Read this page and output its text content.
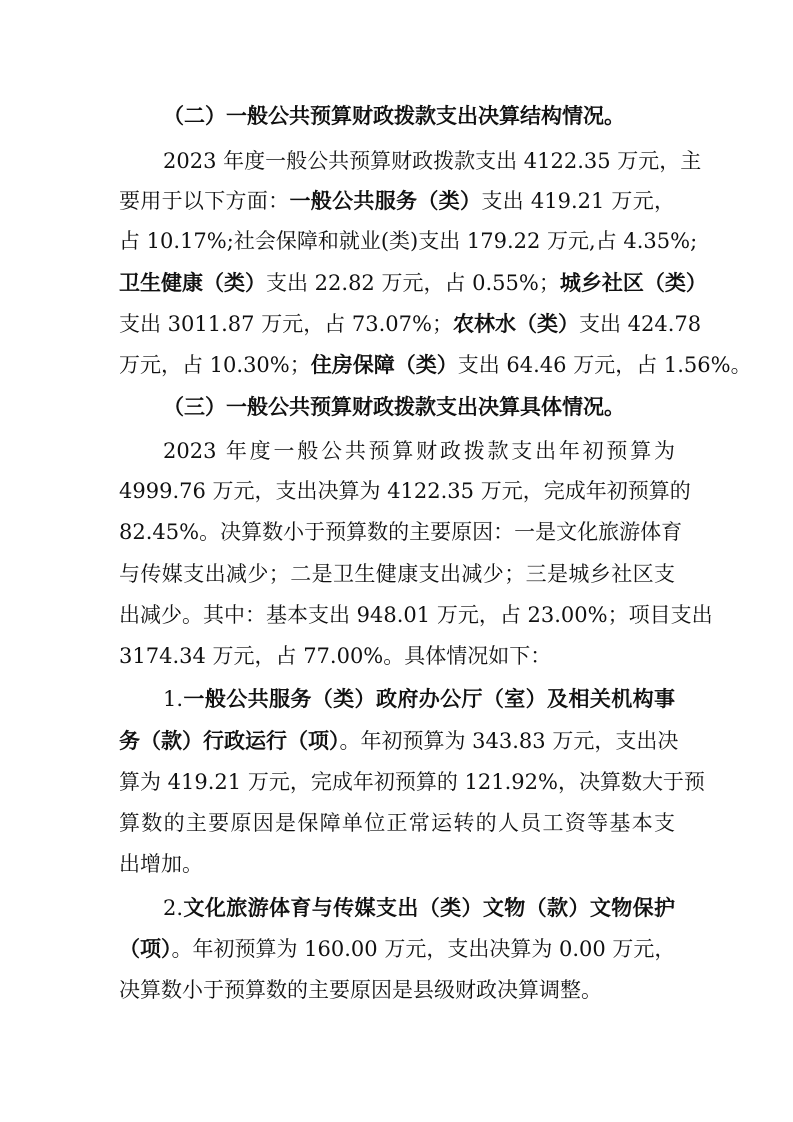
（二）一般公共预算财政拨款支出决算结构情况。
2023 年度一般公共预算财政拨款支出 4122.35 万元，主
要用于以下方面：一般公共服务（类）支出 419.21 万元，
占 10.17%;社会保障和就业(类)支出 179.22 万元,占 4.35%;
卫生健康（类）支出 22.82 万元，占 0.55%；城乡社区（类）
支出 3011.87 万元，占 73.07%；农林水（类）支出 424.78
万元，占 10.30%；住房保障（类）支出 64.46 万元，占 1.56%。
（三）一般公共预算财政拨款支出决算具体情况。
2023 年度一般公共预算财政拨款支出年初预算为
4999.76 万元，支出决算为 4122.35 万元，完成年初预算的
82.45%。决算数小于预算数的主要原因：一是文化旅游体育
与传媒支出减少；二是卫生健康支出减少；三是城乡社区支
出减少。其中：基本支出 948.01 万元，占 23.00%；项目支出
3174.34 万元，占 77.00%。具体情况如下：
1.一般公共服务（类）政府办公厅（室）及相关机构事
务（款）行政运行（项）。年初预算为 343.83 万元，支出决
算为 419.21 万元，完成年初预算的 121.92%，决算数大于预
算数的主要原因是保障单位正常运转的人员工资等基本支
出增加。
2.文化旅游体育与传媒支出（类）文物（款）文物保护
（项）。年初预算为 160.00 万元，支出决算为 0.00 万元，
决算数小于预算数的主要原因是县级财政决算调整。
